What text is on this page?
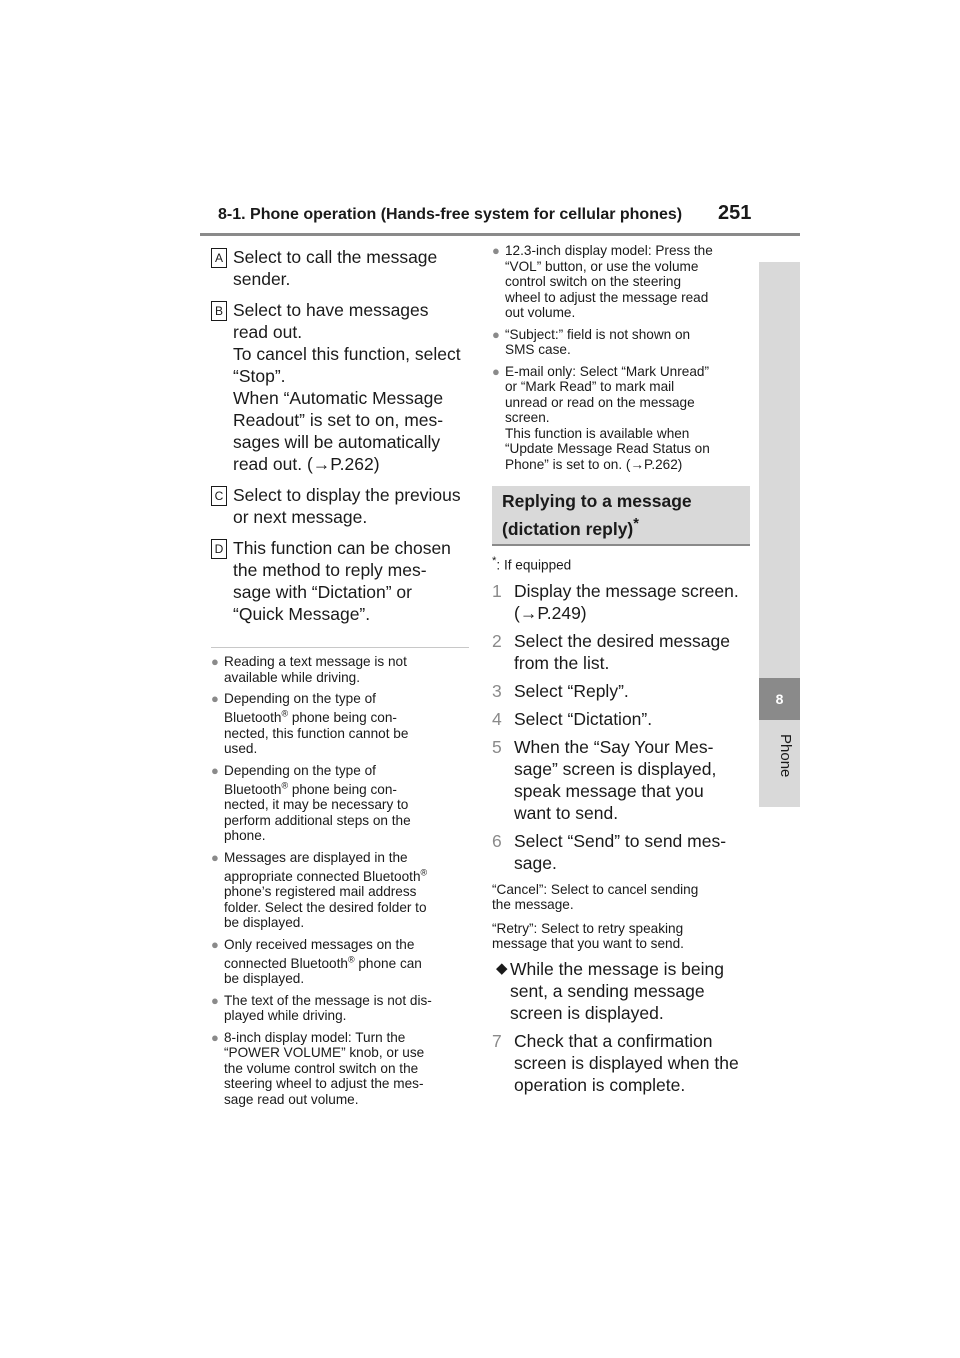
8-1. Phone operation (Hands-free system for cellular phones) 251
8
Phone
A Select to call the message
sender.
B Select to have messages
read out.
To cancel this function, select
“Stop”.
When “Automatic Message
Readout” is set to on, mes-
sages will be automatically
read out. (→P.262)
C Select to display the previous
or next message.
D This function can be chosen
the method to reply mes-
sage with “Dictation” or
“Quick Message”.
● Reading a text message is not
available while driving.
● Depending on the type of
Bluetooth® phone being con-
nected, this function cannot be
used.
● Depending on the type of
Bluetooth® phone being con-
nected, it may be necessary to
perform additional steps on the
phone.
● Messages are displayed in the
appropriate connected Bluetooth®
phone’s registered mail address
folder. Select the desired folder to
be displayed.
● Only received messages on the
connected Bluetooth® phone can
be displayed.
● The text of the message is not dis-
played while driving.
● 8-inch display model: Turn the
“POWER VOLUME” knob, or use
the volume control switch on the
steering wheel to adjust the mes-
sage read out volume.
● 12.3-inch display model: Press the
“VOL” button, or use the volume
control switch on the steering
wheel to adjust the message read
out volume.
● “Subject:” field is not shown on
SMS case.
● E-mail only: Select “Mark Unread”
or “Mark Read” to mark mail
unread or read on the message
screen.
This function is available when
“Update Message Read Status on
Phone” is set to on. (→P.262)
Replying to a message
(dictation reply)*
*: If equipped
1 Display the message screen.
(→P.249)
2 Select the desired message
from the list.
3 Select “Reply”.
4 Select “Dictation”.
5 When the “Say Your Mes-
sage” screen is displayed,
speak message that you
want to send.
6 Select “Send” to send mes-
sage.
“Cancel”: Select to cancel sending
the message.
“Retry”: Select to retry speaking
message that you want to send.
◆ While the message is being
sent, a sending message
screen is displayed.
7 Check that a confirmation
screen is displayed when the
operation is complete.
